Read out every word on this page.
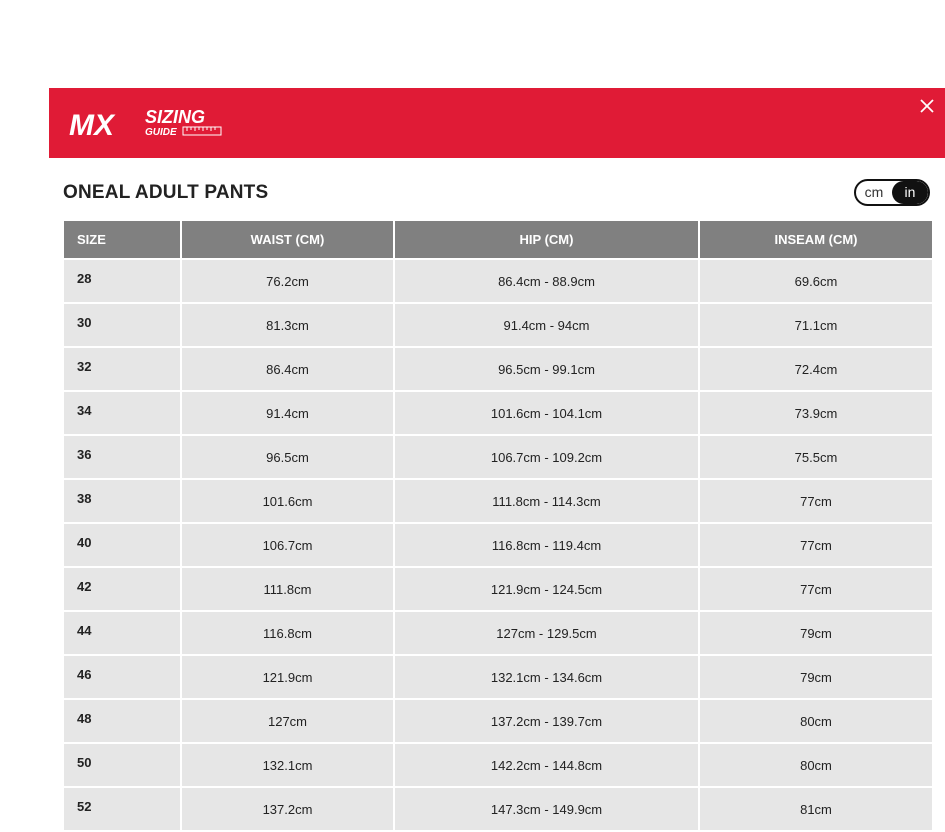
MX SIZING
GUIDE
ONEAL ADULT PANTS	cm	in
SIZE	WAIST (CM)	HIP (CM)	INSEAM (CM)
28	76.2cm	86.4cm - 88.9cm	69.6cm
30	81.3cm	91.4cm - 94cm	71.1cm
32	86.4cm	96.5cm - 99.1cm	72.4cm
34	91.4cm	101.6cm - 104.1cm	73.9cm
36	96.5cm	106.7cm - 109.2cm	75.5cm
38	101.6cm	111.8cm - 114.3cm	77cm
40	106.7cm	116.8cm - 119.4cm	77cm
42	111.8cm	121.9cm - 124.5cm	77cm
44	116.8cm	127cm - 129.5cm	79cm
46	121.9cm	132.1cm - 134.6cm	79cm
48	127cm	137.2cm - 139.7cm	80cm
50	132.1cm	142.2cm - 144.8cm	80cm
52	137.2cm	147.3cm - 149.9cm	81cm
